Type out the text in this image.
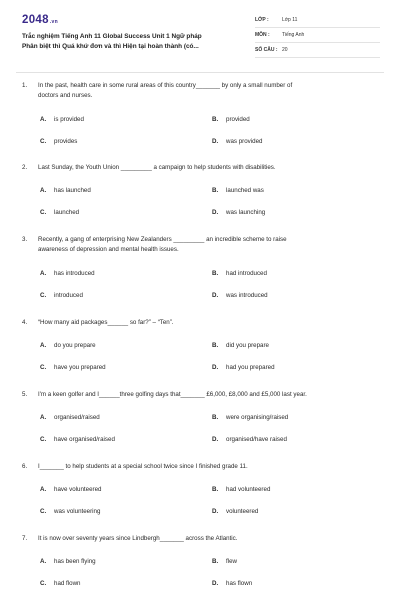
2048.vn
Trắc nghiệm Tiếng Anh 11 Global Success Unit 1 Ngữ pháp
Phân biệt thì Quá khứ đơn và thì Hiện tại hoàn thành (có...
LỚP :	Lớp 11
MÔN : Tiếng Anh
SỐ CÂU : 20
1. In the past, health care in some rural areas of this country_______ by only a small number of
doctors and nurses.
A. is provided	B. provided
C. provides	D. was provided
2. Last Sunday, the Youth Union _________ a campaign to help students with disabilities.
A. has launched	B. launched was
C. launched	D. was launching
3. Recently, a gang of enterprising New Zealanders _________ an incredible scheme to raise
awareness of depression and mental health issues.
A. has introduced	B. had introduced
C. introduced	D. was introduced
4. “How many aid packages______ so far?” – “Ten”.
A. do you prepare	B. did you prepare
C. have you prepared	D. had you prepared
5. I'm a keen golfer and I______three golfing days that_______ £6,000, £8,000 and £5,000 last year.
A. organised/raised	B. were organising/raised
C. have organised/raised	D. organised/have raised
6. I_______ to help students at a special school twice since I finished grade 11.
A. have volunteered	B. had volunteered
C. was volunteering	D. volunteered
7. It is now over seventy years since Lindbergh_______ across the Atlantic.
A. has been flying	B. flew
C. had flown	D. has flown
